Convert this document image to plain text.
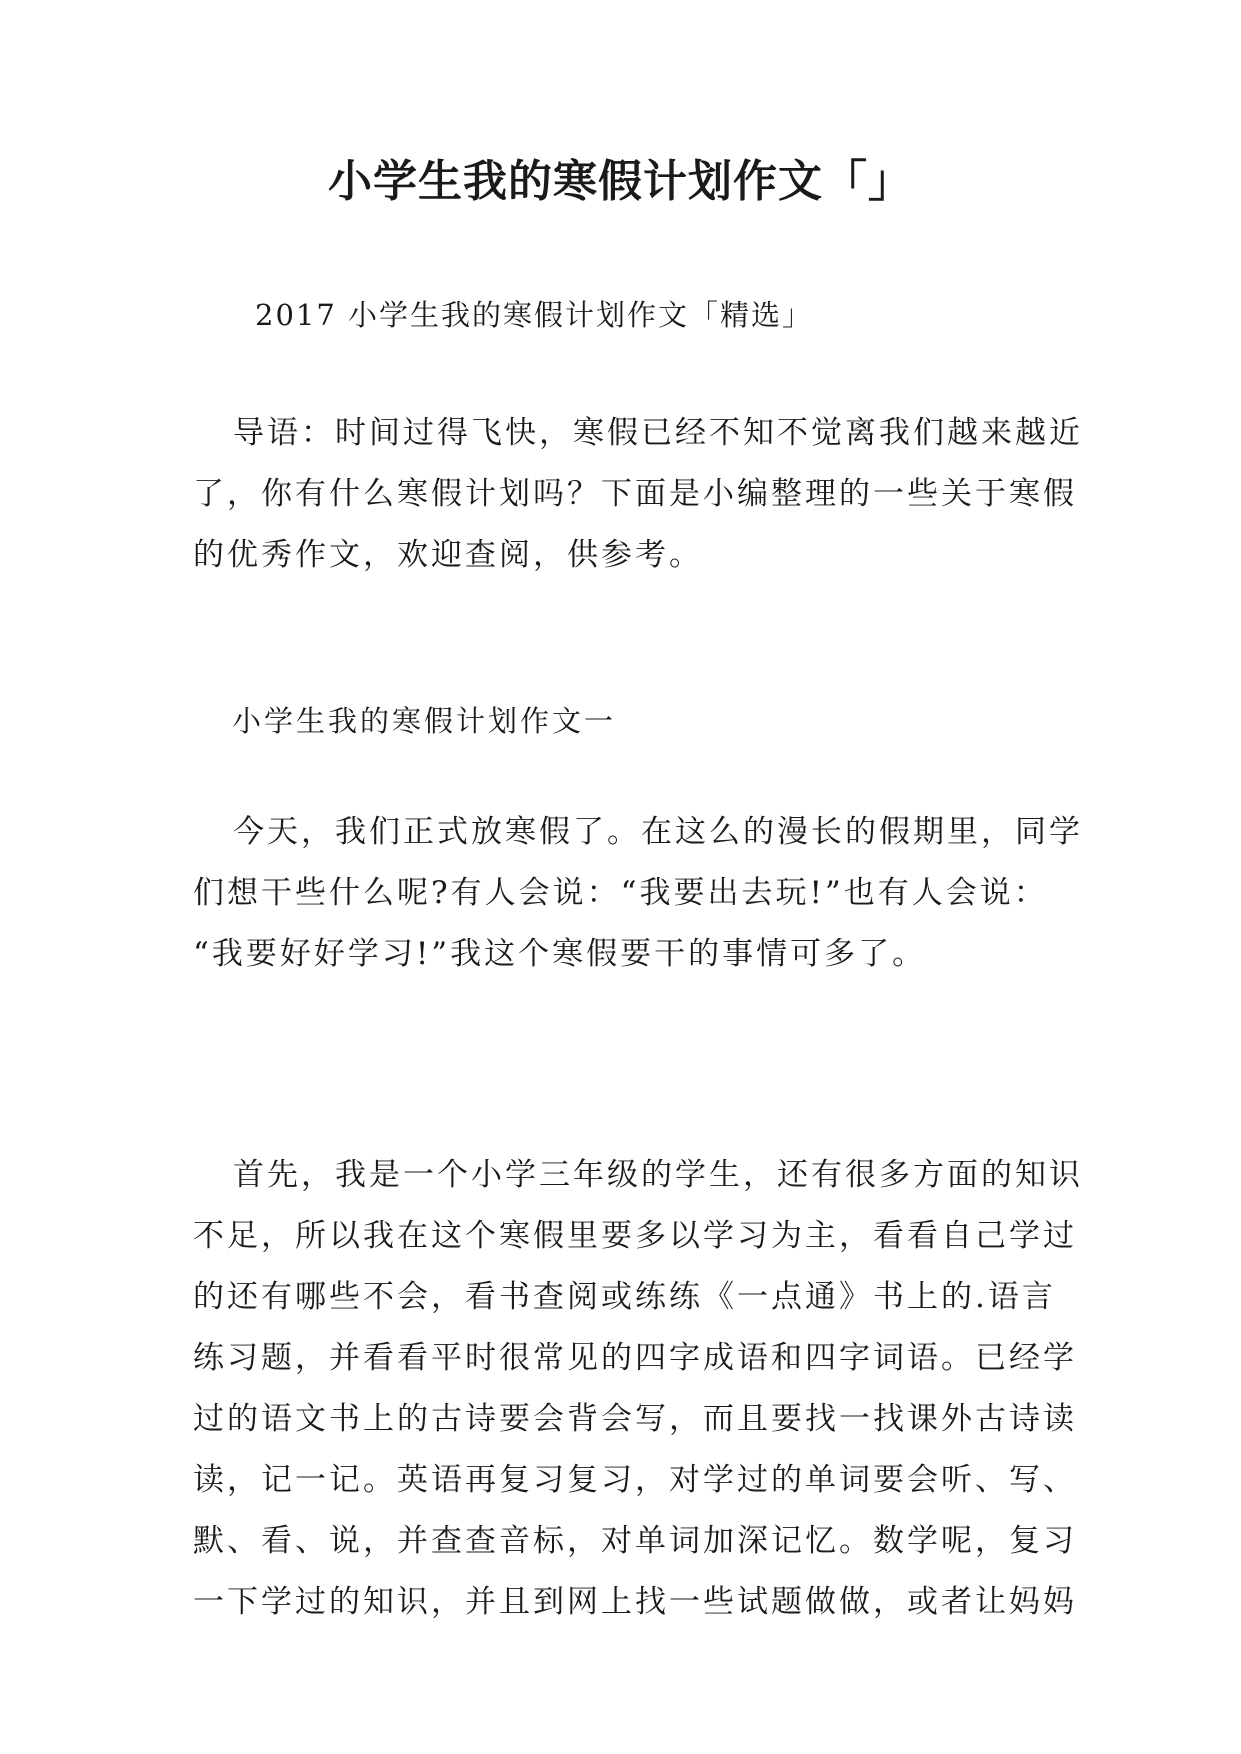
小学生我的寒假计划作文「」

2017 小学生我的寒假计划作文「精选」

导语：时间过得飞快，寒假已经不知不觉离我们越来越近
了，你有什么寒假计划吗？下面是小编整理的一些关于寒假
的优秀作文，欢迎查阅，供参考。

小学生我的寒假计划作文一

今天，我们正式放寒假了。在这么的漫长的假期里，同学
们想干些什么呢?有人会说：“我要出去玩!”也有人会说：
“我要好好学习!”我这个寒假要干的事情可多了。
首先，我是一个小学三年级的学生，还有很多方面的知识
不足，所以我在这个寒假里要多以学习为主，看看自己学过
的还有哪些不会，看书查阅或练练《一点通》书上的.语言
练习题，并看看平时很常见的四字成语和四字词语。已经学
过的语文书上的古诗要会背会写，而且要找一找课外古诗读
读，记一记。英语再复习复习，对学过的单词要会听、写、
默、看、说，并查查音标，对单词加深记忆。数学呢，复习
一下学过的知识，并且到网上找一些试题做做，或者让妈妈
